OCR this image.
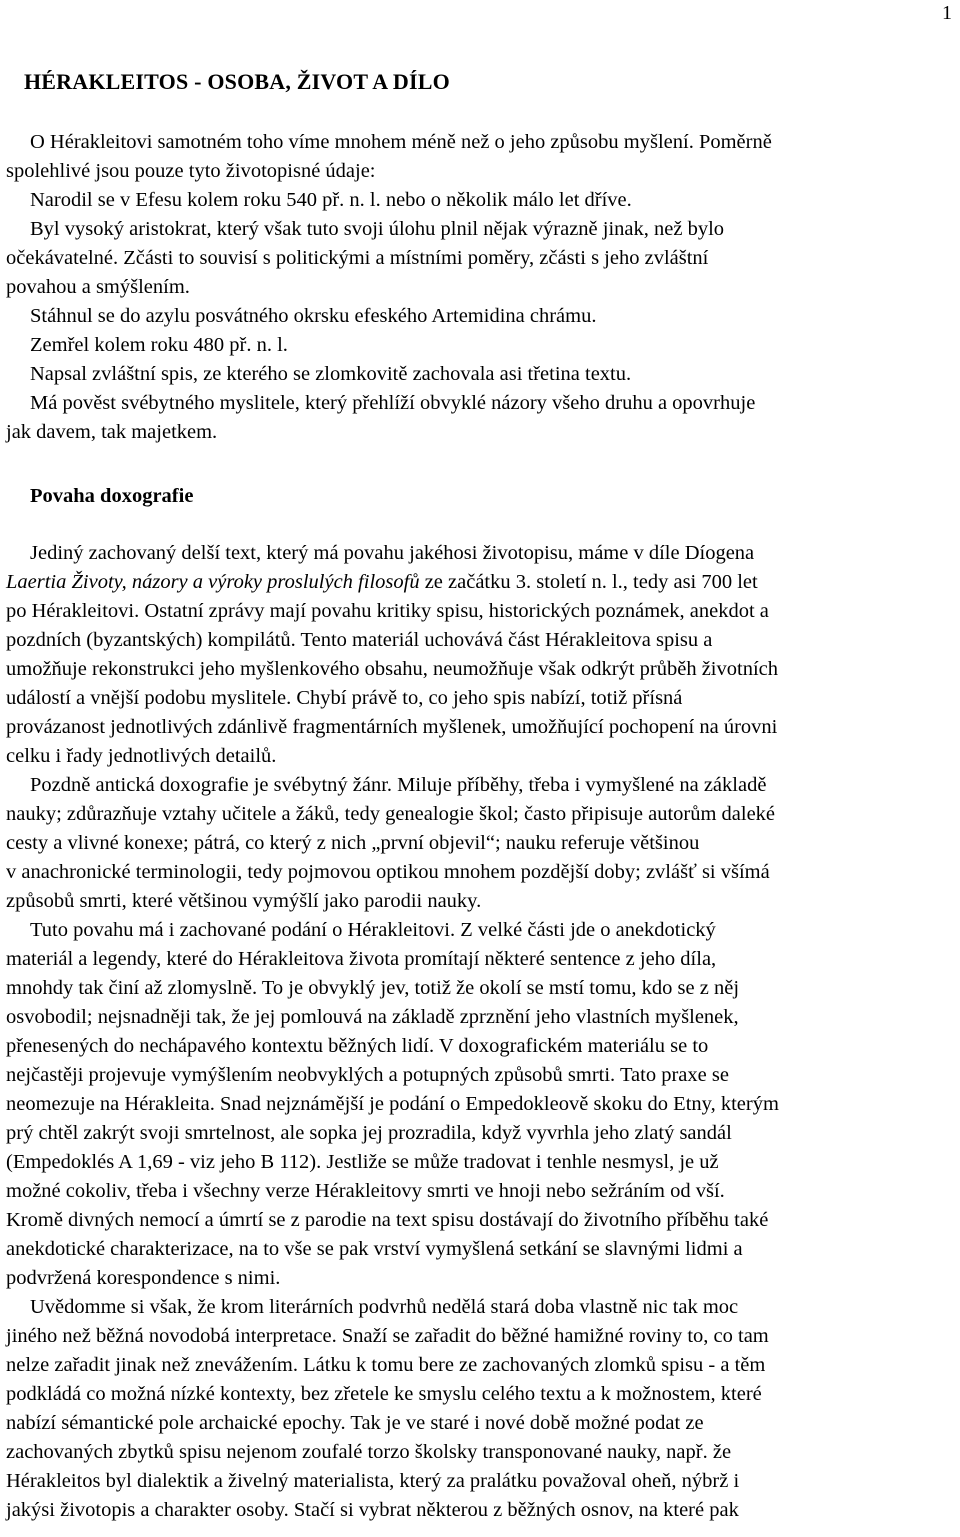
1
HÉRAKLEITOS - OSOBA, ŽIVOT A DÍLO
O Hérakleitovi samotném toho víme mnohem méně než o jeho způsobu myšlení. Poměrně
spolehlivé jsou pouze tyto životopisné údaje:
Narodil se v Efesu kolem roku 540 př. n. l. nebo o několik málo let dříve.
Byl vysoký aristokrat, který však tuto svoji úlohu plnil nějak výrazně jinak, než bylo
očekávatelné. Zčásti to souvisí s politickými a místními poměry, zčásti s jeho zvláštní
povahou a smýšlením.
Stáhnul se do azylu posvátného okrsku efeského Artemidina chrámu.
Zemřel kolem roku 480 př. n. l.
Napsal zvláštní spis, ze kterého se zlomkovitě zachovala asi třetina textu.
Má pověst svébytného myslitele, který přehlíží obvyklé názory všeho druhu a opovrhuje
jak davem, tak majetkem.
Povaha doxografie
Jediný zachovaný delší text, který má povahu jakéhosi životopisu, máme v díle Díogena
Laertia Životy, názory a výroky proslulých filosofů ze začátku 3. století n. l., tedy asi 700 let
po Hérakleitovi. Ostatní zprávy mají povahu kritiky spisu, historických poznámek, anekdot a
pozdních (byzantských) kompilátů. Tento materiál uchovává část Hérakleitova spisu a
umožňuje rekonstrukci jeho myšlenkového obsahu, neumožňuje však odkrýt průběh životních
událostí a vnější podobu myslitele. Chybí právě to, co jeho spis nabízí, totiž přísná
provázanost jednotlivých zdánlivě fragmentárních myšlenek, umožňující pochopení na úrovni
celku i řady jednotlivých detailů.
Pozdně antická doxografie je svébytný žánr. Miluje příběhy, třeba i vymyšlené na základě
nauky; zdůrazňuje vztahy učitele a žáků, tedy genealogie škol; často připisuje autorům daleké
cesty a vlivné konexe; pátrá, co který z nich „první objevil“; nauku referuje většinou
v anachronické terminologii, tedy pojmovou optikou mnohem pozdější doby; zvlášť si všímá
způsobů smrti, které většinou vymýšlí jako parodii nauky.
Tuto povahu má i zachované podání o Hérakleitovi. Z velké části jde o anekdotický
materiál a legendy, které do Hérakleitova života promítají některé sentence z jeho díla,
mnohdy tak činí až zlomyslně. To je obvyklý jev, totiž že okolí se mstí tomu, kdo se z něj
osvobodil; nejsnadněji tak, že jej pomlouvá na základě zprznění jeho vlastních myšlenek,
přenesených do nechápavého kontextu běžných lidí. V doxografickém materiálu se to
nejčastěji projevuje vymýšlením neobvyklých a potupných způsobů smrti. Tato praxe se
neomezuje na Hérakleita. Snad nejznámější je podání o Empedokleově skoku do Etny, kterým
prý chtěl zakrýt svoji smrtelnost, ale sopka jej prozradila, když vyvrhla jeho zlatý sandál
(Empedoklés A 1,69 - viz jeho B 112). Jestliže se může tradovat i tenhle nesmysl, je už
možné cokoliv, třeba i všechny verze Hérakleitovy smrti ve hnoji nebo sežráním od vší.
Kromě divných nemocí a úmrtí se z parodie na text spisu dostávají do životního příběhu také
anekdotické charakterizace, na to vše se pak vrství vymyšlená setkání se slavnými lidmi a
podvržená korespondence s nimi.
Uvědomme si však, že krom literárních podvrhů nedělá stará doba vlastně nic tak moc
jiného než běžná novodobá interpretace. Snaží se zařadit do běžné hamižné roviny to, co tam
nelze zařadit jinak než znevážením. Látku k tomu bere ze zachovaných zlomků spisu - a těm
podkládá co možná nízké kontexty, bez zřetele ke smyslu celého textu a k možnostem, které
nabízí sémantické pole archaické epochy. Tak je ve staré i nové době možné podat ze
zachovaných zbytků spisu nejenom zoufalé torzo školsky transponované nauky, např. že
Hérakleitos byl dialektik a živelný materialista, který za pralátku považoval oheň, nýbrž i
jakýsi životopis a charakter osoby. Stačí si vybrat některou z běžných osnov, na které pak
